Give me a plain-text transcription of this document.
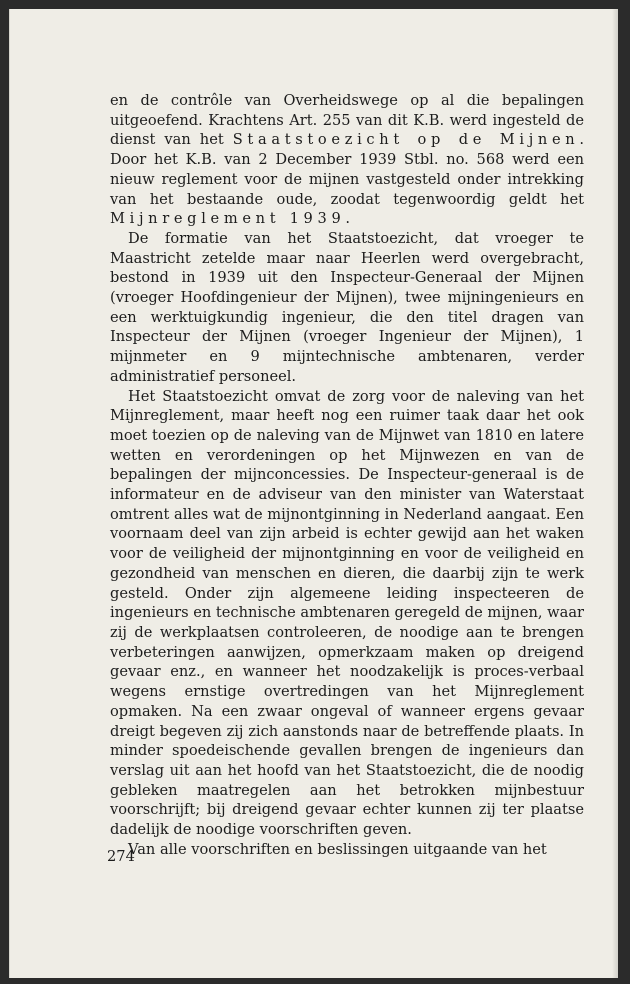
en de contrôle van Overheidswege op al die bepalingen uitgeoefend. Krachtens Art. 255 van dit K.B. werd ingesteld de dienst van het Staatstoezicht op de Mijnen. Door het K.B. van 2 December 1939 Stbl. no. 568 werd een nieuw reglement voor de mijnen vastgesteld onder intrekking van het bestaande oude, zoodat tegenwoordig geldt het Mijnreglement 1939.

De formatie van het Staatstoezicht, dat vroeger te Maastricht zetelde maar naar Heerlen werd overgebracht, bestond in 1939 uit den Inspecteur-Generaal der Mijnen (vroeger Hoofdingenieur der Mijnen), twee mijningenieurs en een werktuigkundig ingenieur, die den titel dragen van Inspecteur der Mijnen (vroeger Ingenieur der Mijnen), 1 mijnmeter en 9 mijntechnische ambtenaren, verder administratief personeel.

Het Staatstoezicht omvat de zorg voor de naleving van het Mijnreglement, maar heeft nog een ruimer taak daar het ook moet toezien op de naleving van de Mijnwet van 1810 en latere wetten en verordeningen op het Mijnwezen en van de bepalingen der mijnconcessies. De Inspecteur-generaal is de informateur en de adviseur van den minister van Waterstaat omtrent alles wat de mijnontginning in Nederland aangaat. Een voornaam deel van zijn arbeid is echter gewijd aan het waken voor de veiligheid der mijnontginning en voor de veiligheid en gezondheid van menschen en dieren, die daarbij zijn te werk gesteld. Onder zijn algemeene leiding inspecteeren de ingenieurs en technische ambtenaren geregeld de mijnen, waar zij de werkplaatsen controleeren, de noodige aan te brengen verbeteringen aanwijzen, opmerkzaam maken op dreigend gevaar enz., en wanneer het noodzakelijk is proces-verbaal wegens ernstige overtredingen van het Mijnreglement opmaken. Na een zwaar ongeval of wanneer ergens gevaar dreigt begeven zij zich aanstonds naar de betreffende plaats. In minder spoedeischende gevallen brengen de ingenieurs dan verslag uit aan het hoofd van het Staatstoezicht, die de noodig gebleken maatregelen aan het betrokken mijnbestuur voorschrijft; bij dreigend gevaar echter kunnen zij ter plaatse dadelijk de noodige voorschriften geven.

Van alle voorschriften en beslissingen uitgaande van het

274
